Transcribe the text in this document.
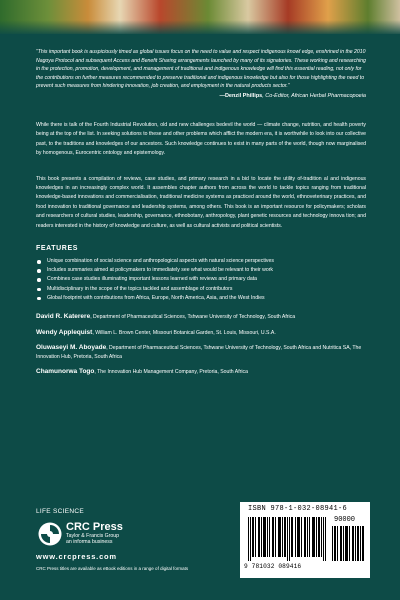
“This important book is auspiciously timed as global issues focus on the need to value and respect indigenous knowl edge, enshrined in the 2010 Nagoya Protocol and subsequent Access and Benefit Sharing arrangements launched by many of its signatories. These working and researching in the protection, promotion, development, and management of traditional and indigenous knowledge will find this essential reading, not only for the contributions on further measures recommended to preserve traditional and indigenous knowledge but also for those highlighting the need to prevent such measures from hindering innovation, job creation, and employment in the natural products sector.”

—Denzil Phillips, Co-Editor, African Herbal Pharmacopoeia

While there is talk of the Fourth Industrial Revolution, old and new challenges bedevil the world — climate change, nutrition, and health poverty being at the top of the list. In seeking solutions to these and other problems which afflict the modern era, it is worthwhile to look into our collective past, to the traditions and knowledges of our ancestors. Such knowledge continues to exist in many parts of the world, though now marginalised by homogenous, Eurocentric ontology and epistemology.

This book presents a compilation of reviews, case studies, and primary research in a bid to locate the utility of-tradition al and indigenous knowledges in an increasingly complex world. It assembles chapter authors from across the world to tackle topics ranging from traditional knowledge-based innovations and commercialisation, traditional medicine systems as practiced around the world, ethnoveterinary practices, and food innovation to traditional governance and leadership systems, among others. This book is an important resource for policymakers; scholars and researchers of cultural studies, leadership, governance, ethnobotany, anthropology, plant genetic resources and technology innova tion; and readers interested in the history of knowledge and culture, as well as cultural activists and political scientists.

FEATURES
Unique combination of social science and anthropological aspects with natural science perspectives
Includes summaries aimed at policymakers to immediately see what would be relevant to their work
Combines case studies illuminating important lessons learned with reviews and primary data
Multidisciplinary in the scope of the topics tackled and assemblage of contributors
Global footprint with contributions from Africa, Europe, North America, Asia, and the West Indies

David R. Katerere, Department of Pharmaceutical Sciences, Tshwane University of Technology, South Africa

Wendy Applequist, William L. Brown Center, Missouri Botanical Garden, St. Louis, Missouri, U.S.A.

Oluwaseyi M. Aboyade, Department of Pharmaceutical Sciences, Tshwane University of Technology, South Africa and Nutritica SA, The Innovation Hub, Pretoria, South Africa

Chamunorwa Togo, The Innovation Hub Management Company, Pretoria, South Africa

LIFE SCIENCE
CRC Press
Taylor & Francis Group
an informa business
www.crcpress.com
CRC Press titles are available as eBook editions in a range of digital formats
ISBN 978-1-032-08941-6
90000
9 781032 089416
